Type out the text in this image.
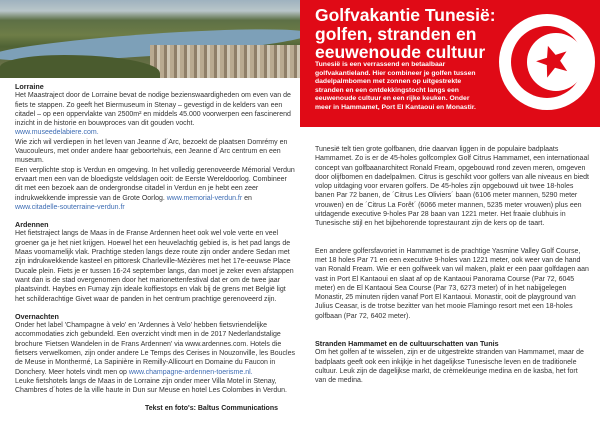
Lorraine

Het Maastraject door de Lorraine bevat de nodige bezienswaardigheden om even van de fiets te stappen. Zo geeft het Biermuseum in Stenay – gevestigd in de kelders van een citadel – op een oppervlakte van 2500m² en middels 45.000 voorwerpen een fascinerend inzicht in de historie en bouwproces van dit gouden vocht.
www.museedelabiere.com.

Wie zich wil verdiepen in het leven van Jeanne d´Arc, bezoekt de plaatsen Domrémy en Vaucouleurs, met onder andere haar geboortehuis, een Jeanne d´Arc centrum en een museum.

Een verplichte stop is Verdun en omgeving. In het volledig gerenoveerde Mémorial Verdun ervaart men een van de bloedigste veldslagen ooit: de Eerste Wereldoorlog. Combineer dit met een bezoek aan de ondergrondse citadel in Verdun en je hebt een zeer indrukwekkende impressie van de Grote Oorlog. www.memorial-verdun.fr en www.citadelle-souterraine-verdun.fr

Ardennen

Het fietstraject langs de Maas in de Franse Ardennen heet ook wel vole verte en veel groener ga je het niet krijgen. Hoewel het een heuvelachtig gebied is, is het pad langs de Maas voornamelijk vlak. Prachtige steden langs deze route zijn onder andere Sedan met zijn indrukwekkende kasteel en pittoresk Charleville-Mézières met het 17e-eeuwse Place Ducale plein. Fiets je er tussen 16-24 september langs, dan moet je zeker even afstappen want dan is de stad overgenomen door het marionettenfestival dat er om de twee jaar plaatsvindt. Haybes en Fumay zijn ideale koffiestops en vlak bij de grens met België ligt het schilderachtige Givet waar de panden in het centrum prachtige gerenoveerd zijn.

Overnachten

Onder het label 'Champagne à velo' en 'Ardennes à Velo' hebben fietsvriendelijke accommodaties zich gebundeld. Een overzicht vindt men in de 2017 Nederlandstalige brochure 'Fietsen Wandelen in de Frans Ardennen' via www.ardennes.com. Hotels die fietsers verwelkomen, zijn onder andere Le Temps des Cerises in Nouzonville, les Boucles de Meuse in Monthermé, La Sapinière in Remilly-Allicourt en Domaine du Faucon in Donchery. Meer hotels vindt men op www.champagne-ardennen-toerisme.nl.

Leuke fietshotels langs de Maas in de Lorraine zijn onder meer Villa Motel in Stenay, Chambres d´hotes de la ville haute in Dun sur Meuse en hotel Les Colombes in Verdun.

Tekst en foto's: Baltus Communications
Golfvakantie Tunesië: golfen, stranden en eeuwenoude cultuur
Tunesië is een verrassend en betaalbaar golfvakantieland. Hier combineer je golfen tussen dadelpalmbomen met zonnen op uitgestrekte stranden en een ontdekkingstocht langs een eeuwenoude cultuur en een rijke keuken. Onder meer in Hammamet, Port El Kantaoui en Monastir.

Tunesië telt tien grote golfbanen, drie daarvan liggen in de populaire badplaats Hammamet. Zo is er de 45-holes golfcomplex Golf Citrus Hammamet, een internationaal concept van golfbaanarchitect Ronald Fream, opgebouwd rond zeven meren, omgeven door olijfbomen en dadelpalmen. Citrus is geschikt voor golfers van alle niveaus en biedt volop uitdaging voor ervaren golfers. De 45-holes zijn opgebouwd uit twee 18-holes banen Par 72 banen, de ´Citrus Les Oliviers´ baan (6106 meter mannen, 5290 meter vrouwen) en de ´Citrus La Forêt´ (6066 meter mannen, 5235 meter vrouwen) plus een uitdagende executive 9-holes Par 28 baan van 1221 meter. Het fraaie clubhuis in Tunesische stijl en het bijbehorende toprestaurant zijn de kers op de taart.

Een andere golfersfavoriet in Hammamet is de prachtige Yasmine Valley Golf Course, met 18 holes Par 71 en een executive 9-holes van 1221 meter, ook weer van de hand van Ronald Fream. Wie er een golfweek van wil maken, plakt er een paar golfdagen aan vast in Port El Kantaoui en slaat af op de Kantaoui Panorama Course (Par 72, 6045 meter) en de El Kantaoui Sea Course (Par 73, 6273 meter) of in het nabijgelegen Monastir, 25 minuten rijden vanaf Port El Kantaoui. Monastir, ooit de playground van Julius Ceasar, is de trotse bezitter van het mooie Flamingo resort met een 18-holes golfbaan (Par 72, 6402 meter).

Stranden Hammamet en de cultuurschatten van Tunis

Om het golfen af te wisselen, zijn er de uitgestrekte stranden van Hammamet, maar de badplaats geeft ook een inkijkje in het dagelijkse Tunesische leven en de traditionele cultuur. Leuk zijn de dagelijkse markt, de crèmekleurige medina en de kasba, het fort van de medina.
